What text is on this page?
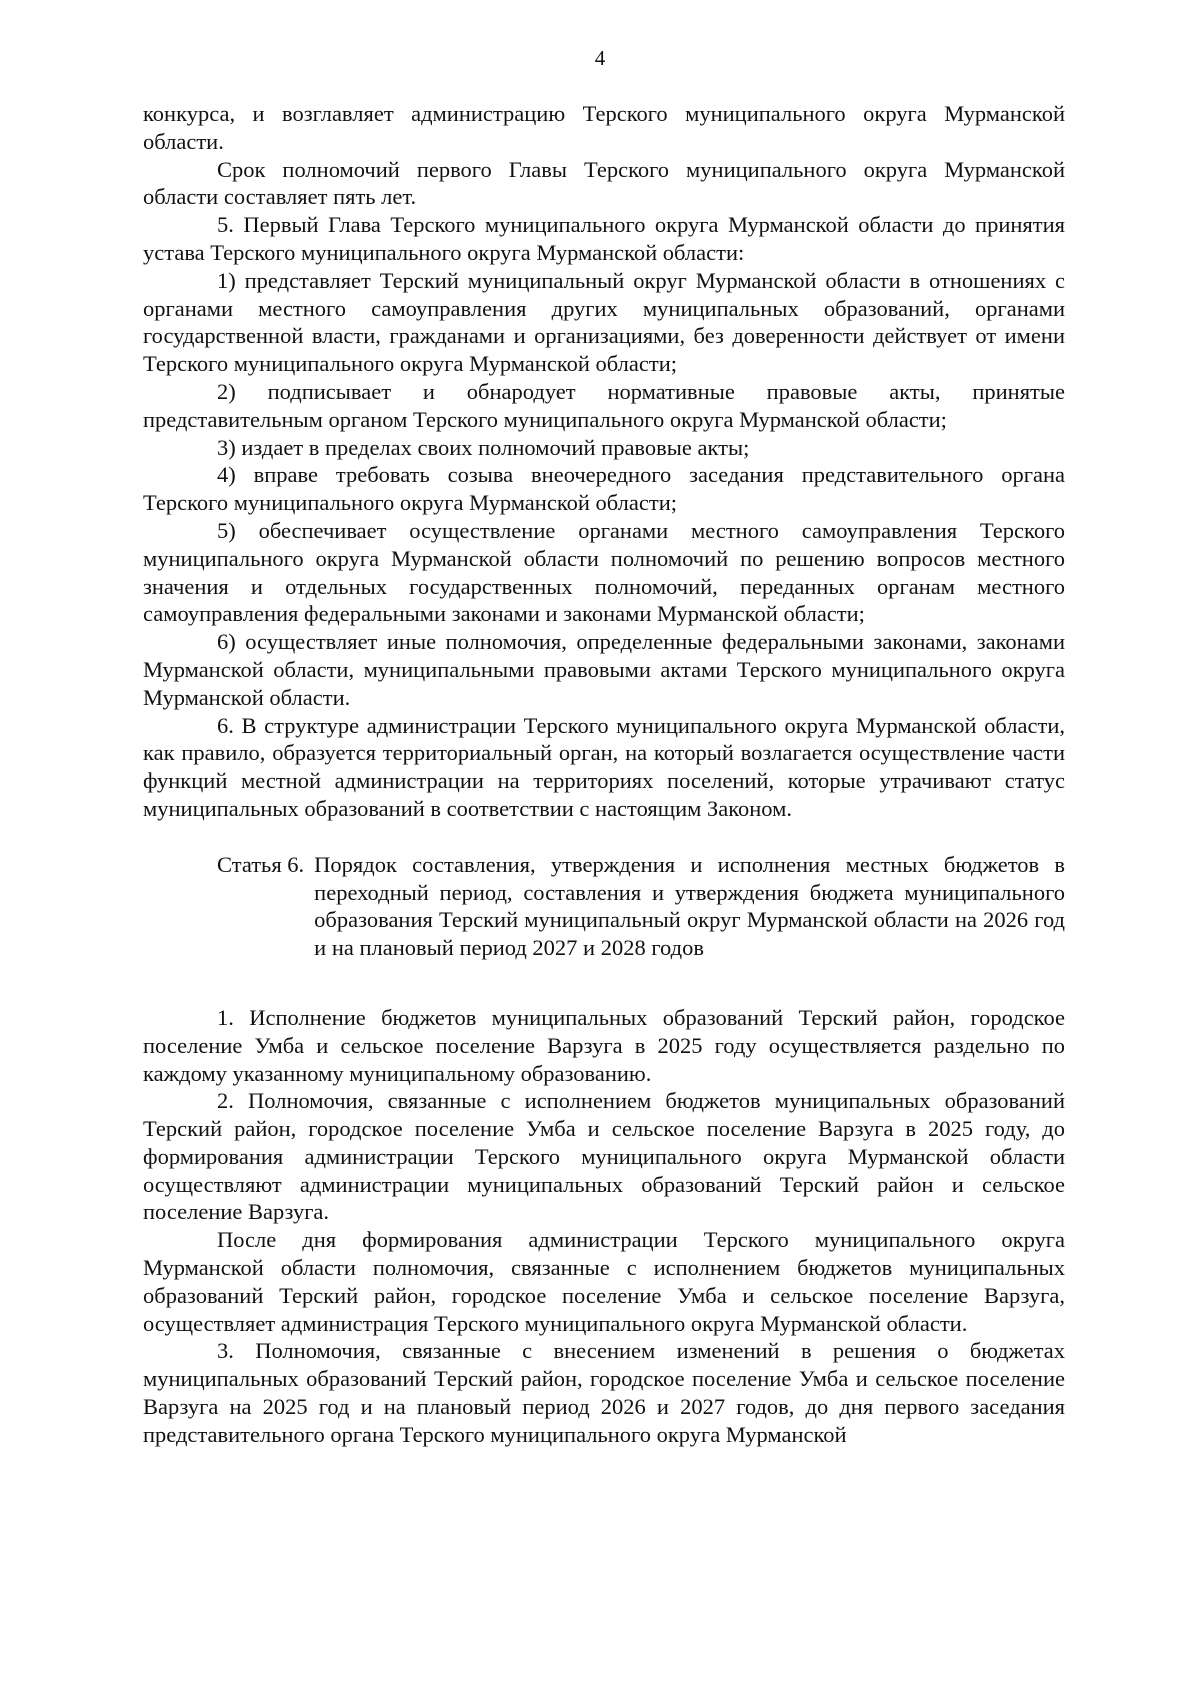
4

конкурса, и возглавляет администрацию Терского муниципального округа Мурманской области.

Срок полномочий первого Главы Терского муниципального округа Мурманской области составляет пять лет.

5. Первый Глава Терского муниципального округа Мурманской области до принятия устава Терского муниципального округа Мурманской области:

1) представляет Терский муниципальный округ Мурманской области в отношениях с органами местного самоуправления других муниципальных образований, органами государственной власти, гражданами и организациями, без доверенности действует от имени Терского муниципального округа Мурманской области;

2) подписывает и обнародует нормативные правовые акты, принятые представительным органом Терского муниципального округа Мурманской области;

3) издает в пределах своих полномочий правовые акты;

4) вправе требовать созыва внеочередного заседания представительного органа Терского муниципального округа Мурманской области;

5) обеспечивает осуществление органами местного самоуправления Терского муниципального округа Мурманской области полномочий по решению вопросов местного значения и отдельных государственных полномочий, переданных органам местного самоуправления федеральными законами и законами Мурманской области;

6) осуществляет иные полномочия, определенные федеральными законами, законами Мурманской области, муниципальными правовыми актами Терского муниципального округа Мурманской области.

6. В структуре администрации Терского муниципального округа Мурманской области, как правило, образуется территориальный орган, на который возлагается осуществление части функций местной администрации на территориях поселений, которые утрачивают статус муниципальных образований в соответствии с настоящим Законом.

Статья 6. Порядок составления, утверждения и исполнения местных бюджетов в переходный период, составления и утверждения бюджета муниципального образования Терский муниципальный округ Мурманской области на 2026 год и на плановый период 2027 и 2028 годов

1. Исполнение бюджетов муниципальных образований Терский район, городское поселение Умба и сельское поселение Варзуга в 2025 году осуществляется раздельно по каждому указанному муниципальному образованию.

2. Полномочия, связанные с исполнением бюджетов муниципальных образований Терский район, городское поселение Умба и сельское поселение Варзуга в 2025 году, до формирования администрации Терского муниципального округа Мурманской области осуществляют администрации муниципальных образований Терский район и сельское поселение Варзуга.

После дня формирования администрации Терского муниципального округа Мурманской области полномочия, связанные с исполнением бюджетов муниципальных образований Терский район, городское поселение Умба и сельское поселение Варзуга, осуществляет администрация Терского муниципального округа Мурманской области.

3. Полномочия, связанные с внесением изменений в решения о бюджетах муниципальных образований Терский район, городское поселение Умба и сельское поселение Варзуга на 2025 год и на плановый период 2026 и 2027 годов, до дня первого заседания представительного органа Терского муниципального округа Мурманской
